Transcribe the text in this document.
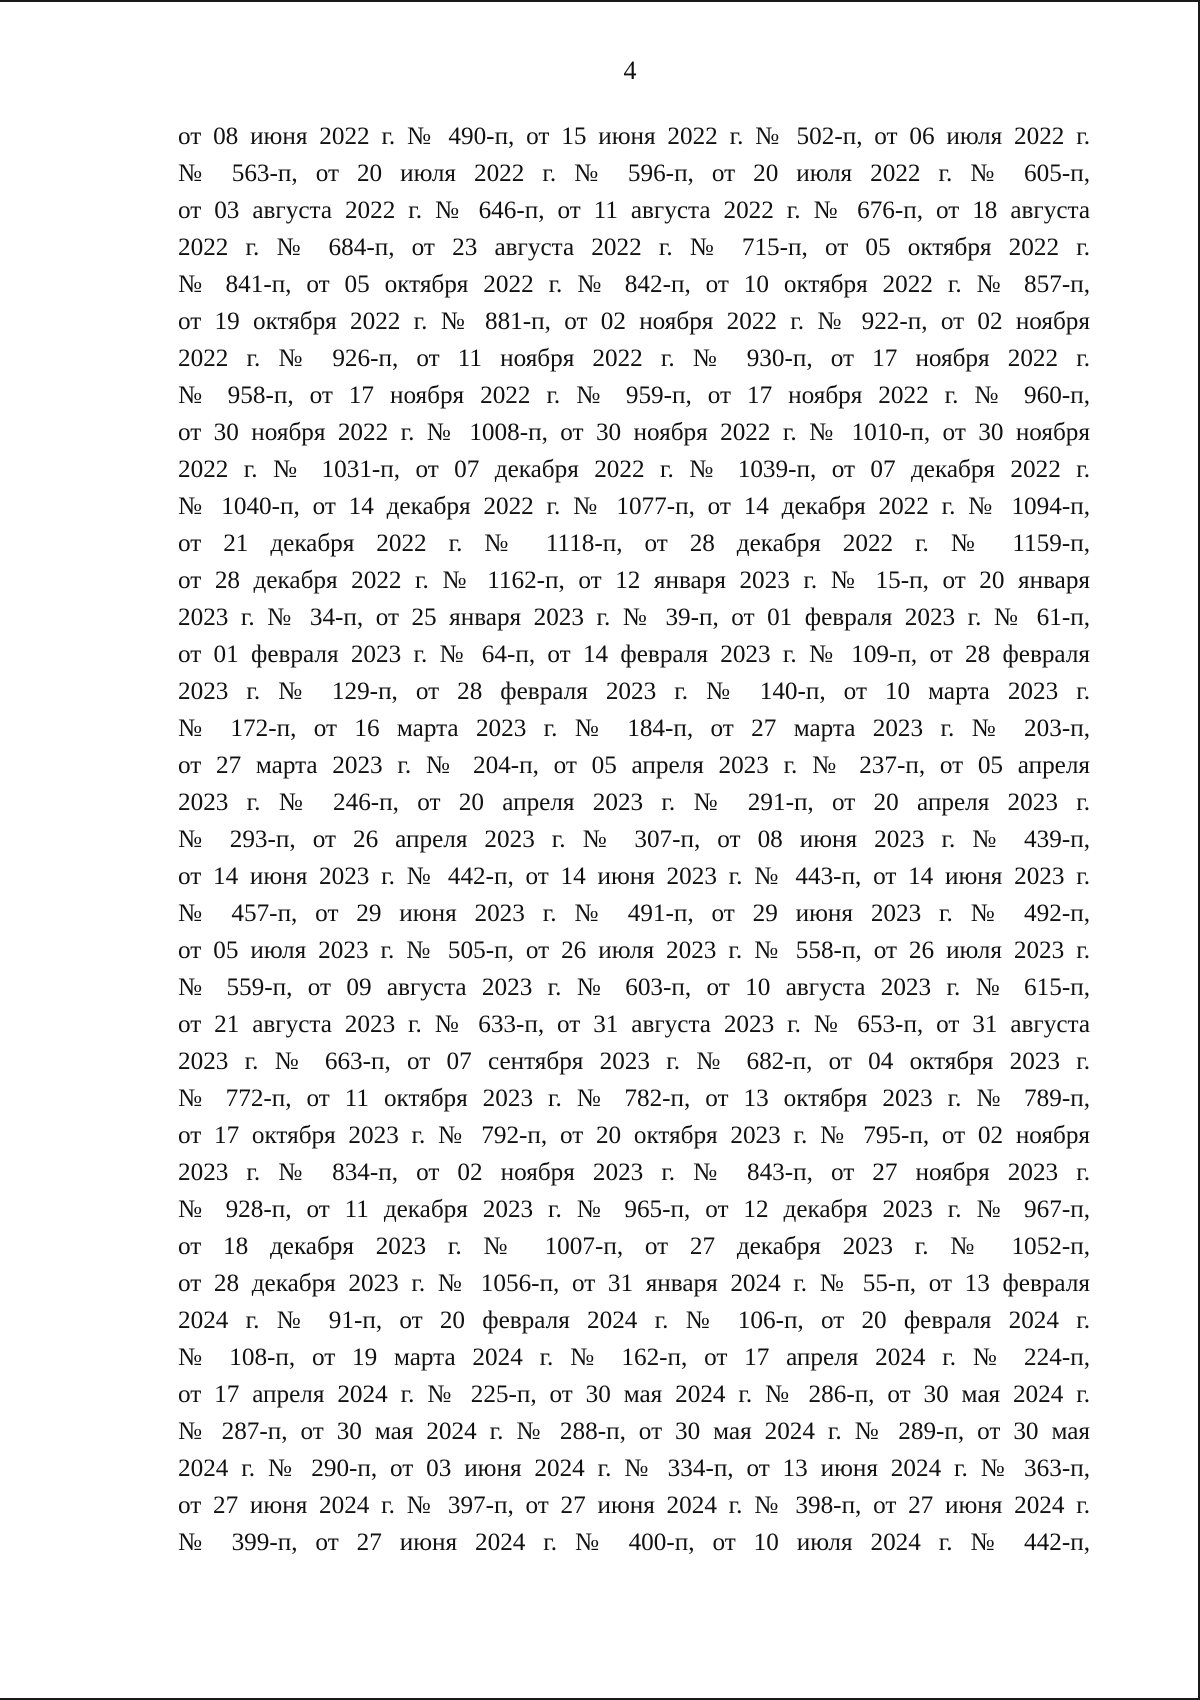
4
от 08 июня 2022 г. № 490-п, от 15 июня 2022 г. № 502-п, от 06 июля 2022 г.
№ 563-п, от 20 июля 2022 г. № 596-п, от 20 июля 2022 г. № 605-п,
от 03 августа 2022 г. № 646-п, от 11 августа 2022 г. № 676-п, от 18 августа
2022 г. № 684-п, от 23 августа 2022 г. № 715-п, от 05 октября 2022 г.
№ 841-п, от 05 октября 2022 г. № 842-п, от 10 октября 2022 г. № 857-п,
от 19 октября 2022 г. № 881-п, от 02 ноября 2022 г. № 922-п, от 02 ноября
2022 г. № 926-п, от 11 ноября 2022 г. № 930-п, от 17 ноября 2022 г.
№ 958-п, от 17 ноября 2022 г. № 959-п, от 17 ноября 2022 г. № 960-п,
от 30 ноября 2022 г. № 1008-п, от 30 ноября 2022 г. № 1010-п, от 30 ноября
2022 г. № 1031-п, от 07 декабря 2022 г. № 1039-п, от 07 декабря 2022 г.
№ 1040-п, от 14 декабря 2022 г. № 1077-п, от 14 декабря 2022 г. № 1094-п,
от 21 декабря 2022 г. № 1118-п, от 28 декабря 2022 г. № 1159-п,
от 28 декабря 2022 г. № 1162-п, от 12 января 2023 г. № 15-п, от 20 января
2023 г. № 34-п, от 25 января 2023 г. № 39-п, от 01 февраля 2023 г. № 61-п,
от 01 февраля 2023 г. № 64-п, от 14 февраля 2023 г. № 109-п, от 28 февраля
2023 г. № 129-п, от 28 февраля 2023 г. № 140-п, от 10 марта 2023 г.
№ 172-п, от 16 марта 2023 г. № 184-п, от 27 марта 2023 г. № 203-п,
от 27 марта 2023 г. № 204-п, от 05 апреля 2023 г. № 237-п, от 05 апреля
2023 г. № 246-п, от 20 апреля 2023 г. № 291-п, от 20 апреля 2023 г.
№ 293-п, от 26 апреля 2023 г. № 307-п, от 08 июня 2023 г. № 439-п,
от 14 июня 2023 г. № 442-п, от 14 июня 2023 г. № 443-п, от 14 июня 2023 г.
№ 457-п, от 29 июня 2023 г. № 491-п, от 29 июня 2023 г. № 492-п,
от 05 июля 2023 г. № 505-п, от 26 июля 2023 г. № 558-п, от 26 июля 2023 г.
№ 559-п, от 09 августа 2023 г. № 603-п, от 10 августа 2023 г. № 615-п,
от 21 августа 2023 г. № 633-п, от 31 августа 2023 г. № 653-п, от 31 августа
2023 г. № 663-п, от 07 сентября 2023 г. № 682-п, от 04 октября 2023 г.
№ 772-п, от 11 октября 2023 г. № 782-п, от 13 октября 2023 г. № 789-п,
от 17 октября 2023 г. № 792-п, от 20 октября 2023 г. № 795-п, от 02 ноября
2023 г. № 834-п, от 02 ноября 2023 г. № 843-п, от 27 ноября 2023 г.
№ 928-п, от 11 декабря 2023 г. № 965-п, от 12 декабря 2023 г. № 967-п,
от 18 декабря 2023 г. № 1007-п, от 27 декабря 2023 г. № 1052-п,
от 28 декабря 2023 г. № 1056-п, от 31 января 2024 г. № 55-п, от 13 февраля
2024 г. № 91-п, от 20 февраля 2024 г. № 106-п, от 20 февраля 2024 г.
№ 108-п, от 19 марта 2024 г. № 162-п, от 17 апреля 2024 г. № 224-п,
от 17 апреля 2024 г. № 225-п, от 30 мая 2024 г. № 286-п, от 30 мая 2024 г.
№ 287-п, от 30 мая 2024 г. № 288-п, от 30 мая 2024 г. № 289-п, от 30 мая
2024 г. № 290-п, от 03 июня 2024 г. № 334-п, от 13 июня 2024 г. № 363-п,
от 27 июня 2024 г. № 397-п, от 27 июня 2024 г. № 398-п, от 27 июня 2024 г.
№ 399-п, от 27 июня 2024 г. № 400-п, от 10 июля 2024 г. № 442-п,
